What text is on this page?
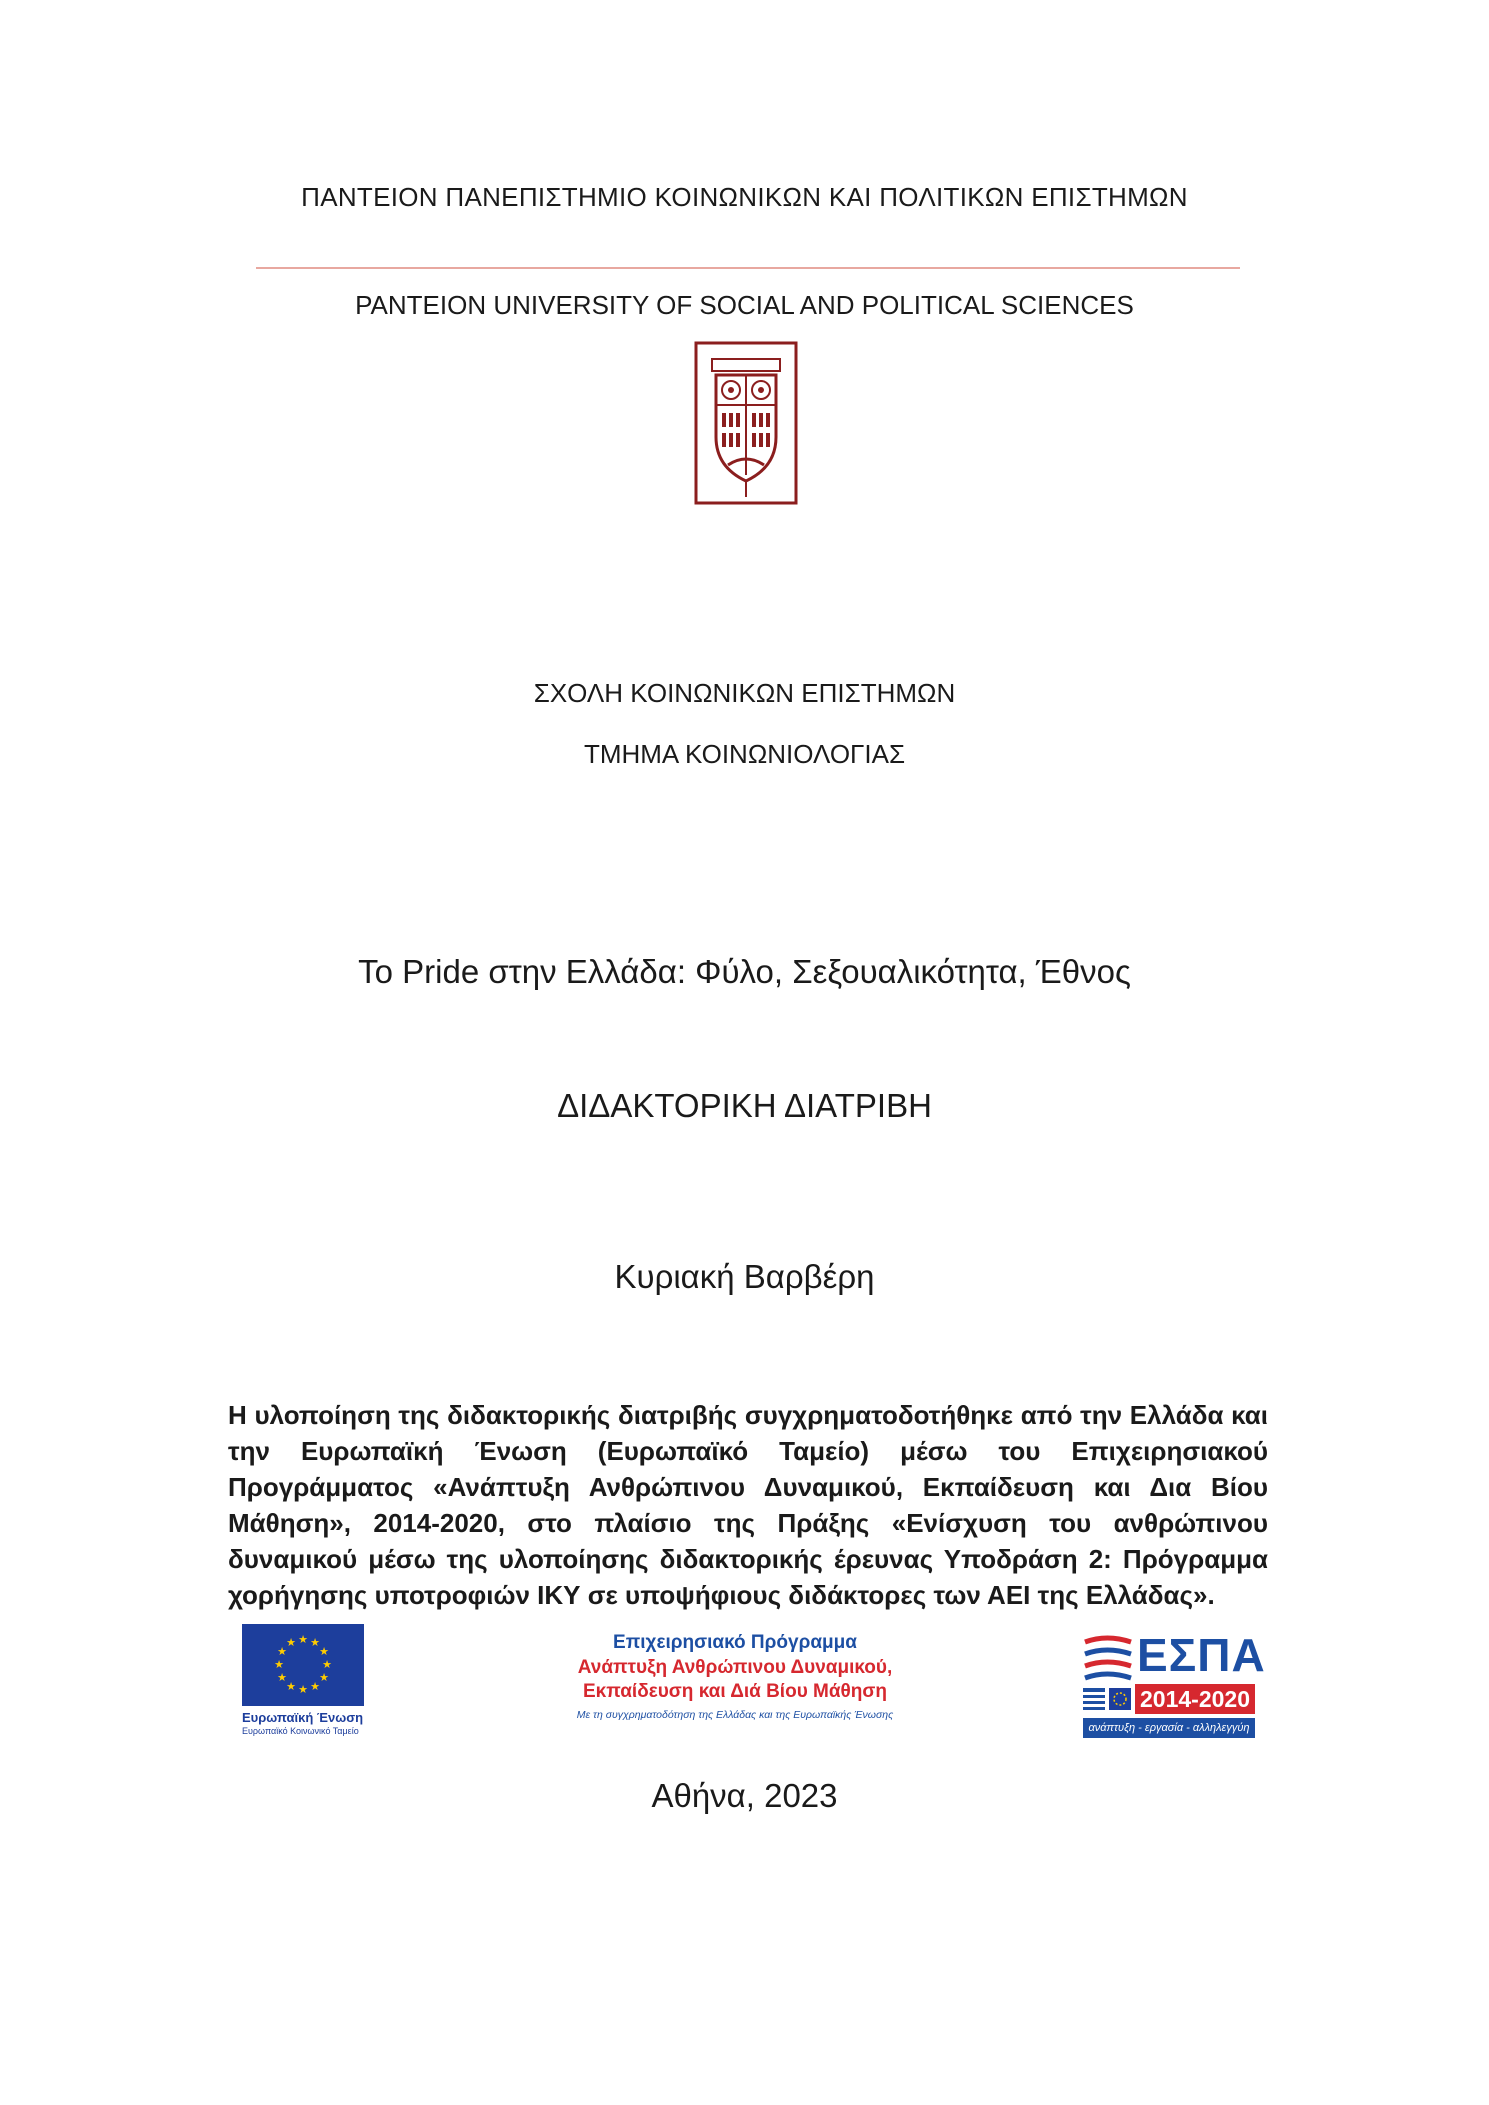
ΠΑΝΤΕΙΟΝ ΠΑΝΕΠΙΣΤΗΜΙΟ ΚΟΙΝΩΝΙΚΩΝ ΚΑΙ ΠΟΛΙΤΙΚΩΝ ΕΠΙΣΤΗΜΩΝ
PANTEION UNIVERSITY OF SOCIAL AND POLITICAL SCIENCES
ΣΧΟΛΗ ΚΟΙΝΩΝΙΚΩΝ ΕΠΙΣΤΗΜΩΝ
ΤΜΗΜΑ ΚΟΙΝΩΝΙΟΛΟΓΙΑΣ
Το Pride στην Ελλάδα: Φύλο, Σεξουαλικότητα, Έθνος
ΔΙΔΑΚΤΟΡΙΚΗ ΔΙΑΤΡΙΒΗ
Κυριακή Βαρβέρη
Η υλοποίηση της διδακτορικής διατριβής συγχρηματοδοτήθηκε από την Ελλάδα και την Ευρωπαϊκή Ένωση (Ευρωπαϊκό Ταμείο) μέσω του Επιχειρησιακού Προγράμματος «Ανάπτυξη Ανθρώπινου Δυναμικού, Εκπαίδευση και Δια Βίου Μάθηση», 2014-2020, στο πλαίσιο της Πράξης «Ενίσχυση του ανθρώπινου δυναμικού μέσω της υλοποίησης διδακτορικής έρευνας Υποδράση 2: Πρόγραμμα χορήγησης υποτροφιών ΙΚΥ σε υποψήφιους διδάκτορες των ΑΕΙ της Ελλάδας».
★ ★
★
★
★
★
★
★
★
★
★
★
Ευρωπαϊκή Ένωση
Ευρωπαϊκό Κοινωνικό Ταμείο
Επιχειρησιακό Πρόγραμμα
Ανάπτυξη Ανθρώπινου Δυναμικού,
Εκπαίδευση και Διά Βίου Μάθηση
Με τη συγχρηματοδότηση της Ελλάδας και της Ευρωπαϊκής Ένωσης
ΕΣΠΑ
2014-2020
ανάπτυξη - εργασία - αλληλεγγύη
Αθήνα, 2023
